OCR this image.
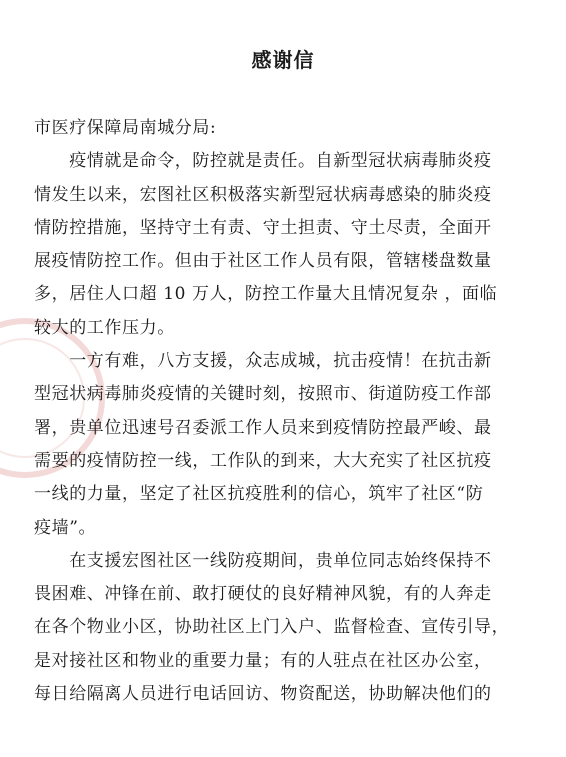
感谢信
市医疗保障局南城分局:
　　疫情就是命令，防控就是责任。自新型冠状病毒肺炎疫
情发生以来，宏图社区积极落实新型冠状病毒感染的肺炎疫
情防控措施，坚持守土有责、守土担责、守土尽责，全面开
展疫情防控工作。但由于社区工作人员有限，管辖楼盘数量
多，居住人口超 10 万人，防控工作量大且情况复杂 ，面临
较大的工作压力。
　　一方有难，八方支援，众志成城，抗击疫情！在抗击新
型冠状病毒肺炎疫情的关键时刻，按照市、街道防疫工作部
署，贵单位迅速号召委派工作人员来到疫情防控最严峻、最
需要的疫情防控一线，工作队的到来，大大充实了社区抗疫
一线的力量，坚定了社区抗疫胜利的信心，筑牢了社区“防
疫墙”。
　　在支援宏图社区一线防疫期间，贵单位同志始终保持不
畏困难、冲锋在前、敢打硬仗的良好精神风貌，有的人奔走
在各个物业小区，协助社区上门入户、监督检查、宣传引导，
是对接社区和物业的重要力量；有的人驻点在社区办公室，
每日给隔离人员进行电话回访、物资配送，协助解决他们的
